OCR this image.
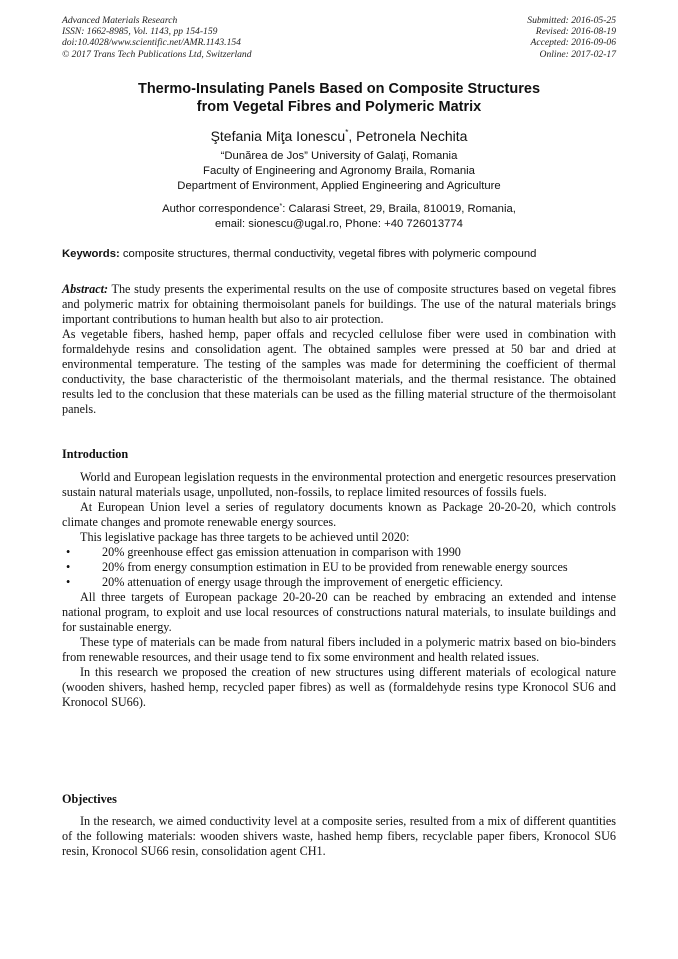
Advanced Materials Research
ISSN: 1662-8985, Vol. 1143, pp 154-159
doi:10.4028/www.scientific.net/AMR.1143.154
© 2017 Trans Tech Publications Ltd, Switzerland
Submitted: 2016-05-25
Revised: 2016-08-19
Accepted: 2016-09-06
Online: 2017-02-17
Thermo-Insulating Panels Based on Composite Structures
from Vegetal Fibres and Polymeric Matrix
Ştefania Miţa Ionescu*, Petronela Nechita
“Dunărea de Jos” University of Galaţi, Romania
Faculty of Engineering and Agronomy Braila, Romania
Department of Environment, Applied Engineering and Agriculture
Author correspondence*: Calarasi Street, 29, Braila, 810019, Romania,
email: sionescu@ugal.ro, Phone: +40 726013774
Keywords: composite structures, thermal conductivity, vegetal fibres with polymeric compound

Abstract: The study presents the experimental results on the use of composite structures based on vegetal fibres and polymeric matrix for obtaining thermoisolant panels for buildings. The use of the natural materials brings important contributions to human health but also to air protection.

As vegetable fibers, hashed hemp, paper offals and recycled cellulose fiber were used in combination with formaldehyde resins and consolidation agent. The obtained samples were pressed at 50 bar and dried at environmental temperature. The testing of the samples was made for determining the coefficient of thermal conductivity, the base characteristic of the thermoisolant materials, and the thermal resistance. The obtained results led to the conclusion that these materials can be used as the filling material structure of the thermoisolant panels.

Introduction

World and European legislation requests in the environmental protection and energetic resources preservation sustain natural materials usage, unpolluted, non-fossils, to replace limited resources of fossils fuels.

At European Union level a series of regulatory documents known as Package 20-20-20, which controls climate changes and promote renewable energy sources.

This legislative package has three targets to be achieved until 2020:

•	20% greenhouse effect gas emission attenuation in comparison with 1990
•	20% from energy consumption estimation in EU to be provided from renewable energy sources
•	20% attenuation of energy usage through the improvement of energetic efficiency.

All three targets of European package 20-20-20 can be reached by embracing an extended and intense national program, to exploit and use local resources of constructions natural materials, to insulate buildings and for sustainable energy.

These type of materials can be made from natural fibers included in a polymeric matrix based on bio-binders from renewable resources, and their usage tend to fix some environment and health related issues.

In this research we proposed the creation of new structures using different materials of ecological nature (wooden shivers, hashed hemp, recycled paper fibres) as well as (formaldehyde resins type Kronocol SU6 and Kronocol SU66).

Objectives

In the research, we aimed conductivity level at a composite series, resulted from a mix of different quantities of the following materials: wooden shivers waste, hashed hemp fibers, recyclable paper fibers, Kronocol SU6 resin, Kronocol SU66 resin, consolidation agent CH1.
